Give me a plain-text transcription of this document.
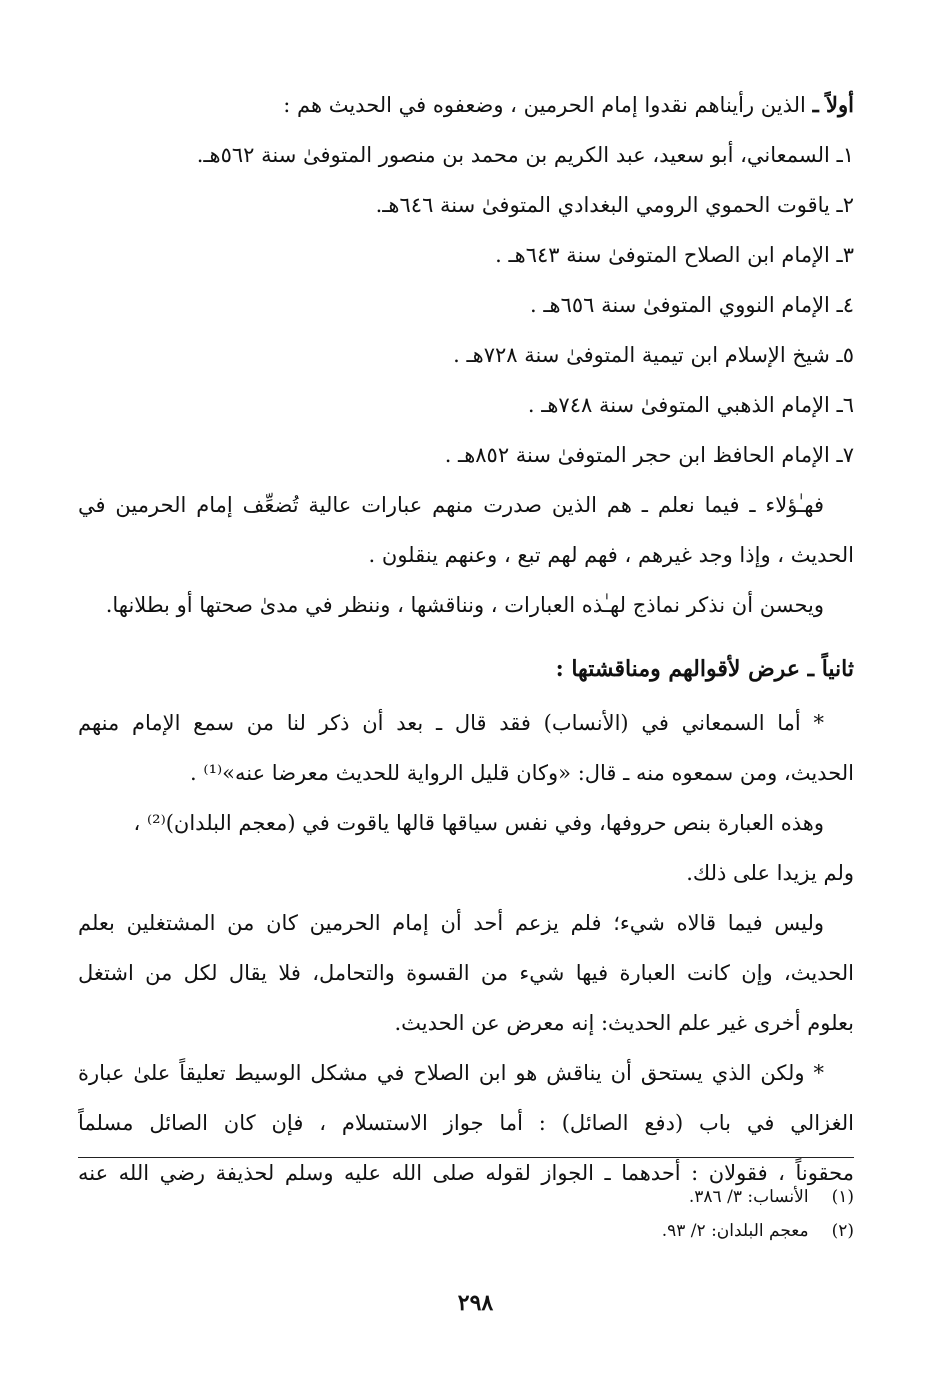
أولاً ـ الذين رأيناهم نقدوا إمام الحرمين ، وضعفوه في الحديث هم :
١ـ السمعاني، أبو سعيد، عبد الكريم بن محمد بن منصور المتوفىٰ سنة ٥٦٢هـ.
٢ـ ياقوت الحموي الرومي البغدادي المتوفىٰ سنة ٦٤٦هـ.
٣ـ الإمام ابن الصلاح المتوفىٰ سنة ٦٤٣هـ .
٤ـ الإمام النووي المتوفىٰ سنة ٦٥٦هـ .
٥ـ شيخ الإسلام ابن تيمية المتوفىٰ سنة ٧٢٨هـ .
٦ـ الإمام الذهبي المتوفىٰ سنة ٧٤٨هـ .
٧ـ الإمام الحافظ ابن حجر المتوفىٰ سنة ٨٥٢هـ .
فهـٰؤلاء ـ فيما نعلم ـ هم الذين صدرت منهم عبارات عالية تُضعِّف إمام الحرمين في
الحديث ، وإذا وجد غيرهم ، فهم لهم تبع ، وعنهم ينقلون .
ويحسن أن نذكر نماذج لهـٰذه العبارات ، ونناقشها ، وننظر في مدىٰ صحتها أو بطلانها.
ثانياً ـ عرض لأقوالهم ومناقشتها :
* أما السمعاني في (الأنساب) فقد قال ـ بعد أن ذكر لنا من سمع الإمام منهم
الحديث، ومن سمعوه منه ـ قال: «وكان قليل الرواية للحديث معرضا عنه»⁽¹⁾ .
وهذه العبارة بنص حروفها، وفي نفس سياقها قالها ياقوت في (معجم البلدان)⁽²⁾ ،
ولم يزيدا على ذلك.
وليس فيما قالاه شيء؛ فلم يزعم أحد أن إمام الحرمين كان من المشتغلين بعلم
الحديث، وإن كانت العبارة فيها شيء من القسوة والتحامل، فلا يقال لكل من اشتغل
بعلوم أخرى غير علم الحديث: إنه معرض عن الحديث.
* ولكن الذي يستحق أن يناقش هو ابن الصلاح في مشكل الوسيط تعليقاً علىٰ عبارة
الغزالي في باب (دفع الصائل) : أما جواز الاستسلام ، فإن كان الصائل مسلماً
محقوناً ، فقولان : أحدهما ـ الجواز لقوله صلى الله عليه وسلم لحذيفة رضي الله عنه
(١) الأنساب: ٣/ ٣٨٦.
(٢) معجم البلدان: ٢/ ٩٣.
٢٩٨
